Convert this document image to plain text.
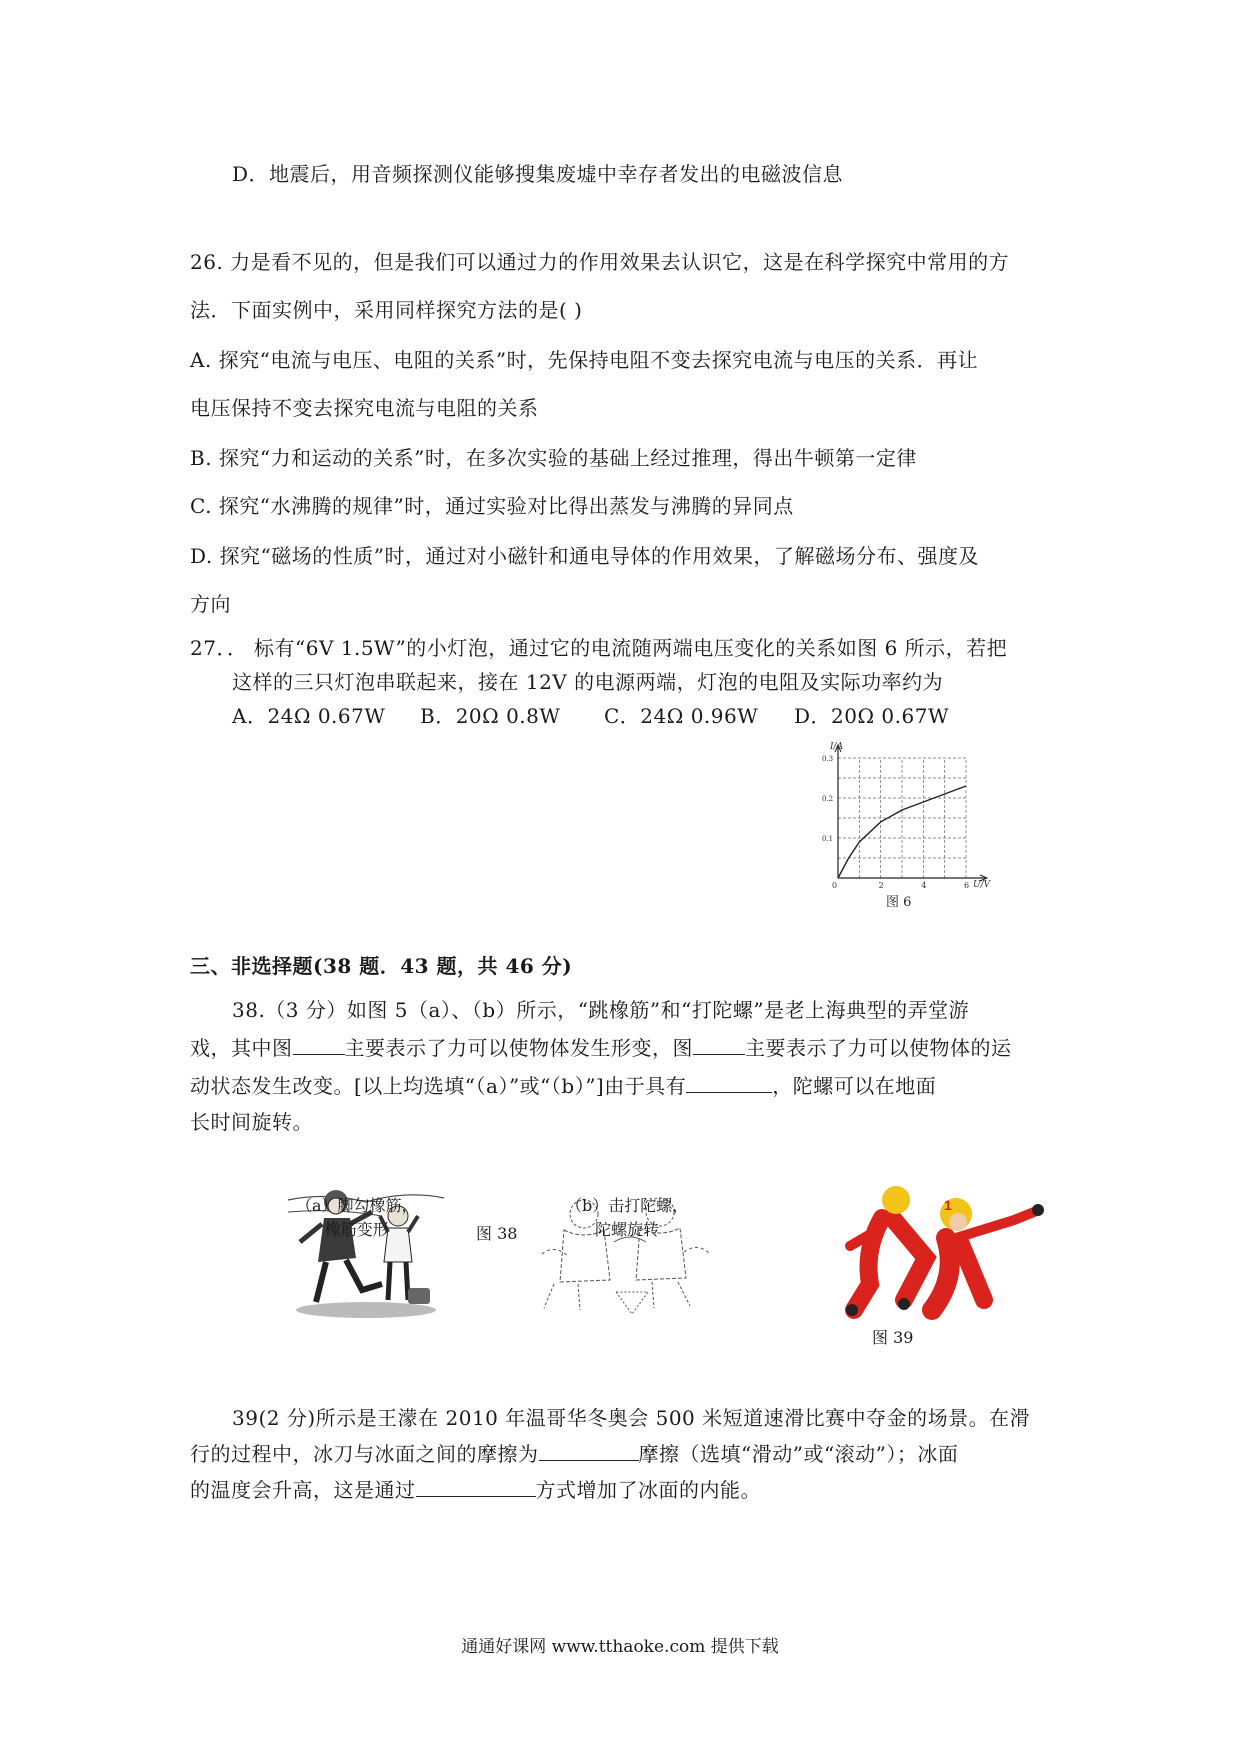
D．地震后，用音频探测仪能够搜集废墟中幸存者发出的电磁波信息
26. 力是看不见的，但是我们可以通过力的作用效果去认识它，这是在科学探究中常用的方
法．下面实例中，采用同样探究方法的是( )
A. 探究“电流与电压、电阻的关系”时，先保持电阻不变去探究电流与电压的关系．再让
电压保持不变去探究电流与电阻的关系
B. 探究“力和运动的关系”时，在多次实验的基础上经过推理，得出牛顿第一定律
C. 探究“水沸腾的规律”时，通过实验对比得出蒸发与沸腾的异同点
D. 探究“磁场的性质”时，通过对小磁针和通电导体的作用效果，了解磁场分布、强度及
方向
27．． 标有“6V 1.5W”的小灯泡，通过它的电流随两端电压变化的关系如图 6 所示，若把
这样的三只灯泡串联起来，接在 12V 的电源两端，灯泡的电阻及实际功率约为
A．24Ω 0.67W B．20Ω 0.8W C．24Ω 0.96W D．20Ω 0.67W
0	2	4	6
0.1
0.2
0.3
U/V
I/A
图 6
三、非选择题(38 题．43 题，共 46 分)
38.（3 分）如图 5（a）、（b）所示，“跳橡筋”和“打陀螺”是老上海典型的弄堂游
戏，其中图	主要表示了力可以使物体发生形变，图	主要表示了力可以使物体的运
动状态发生改变。[以上均选填“（a）”或“（b）”]由于具有	，陀螺可以在地面
长时间旋转。
（a）脚勾橡筋，
橡筋变形	图 38
（b）击打陀螺，
陀螺旋转
1
图 39
39(2 分)所示是王濛在 2010 年温哥华冬奥会 500 米短道速滑比赛中夺金的场景。在滑
行的过程中，冰刀与冰面之间的摩擦为	摩擦（选填“滑动”或“滚动”）；冰面
的温度会升高，这是通过	方式增加了冰面的内能。
通通好课网 www.tthaoke.com 提供下载
